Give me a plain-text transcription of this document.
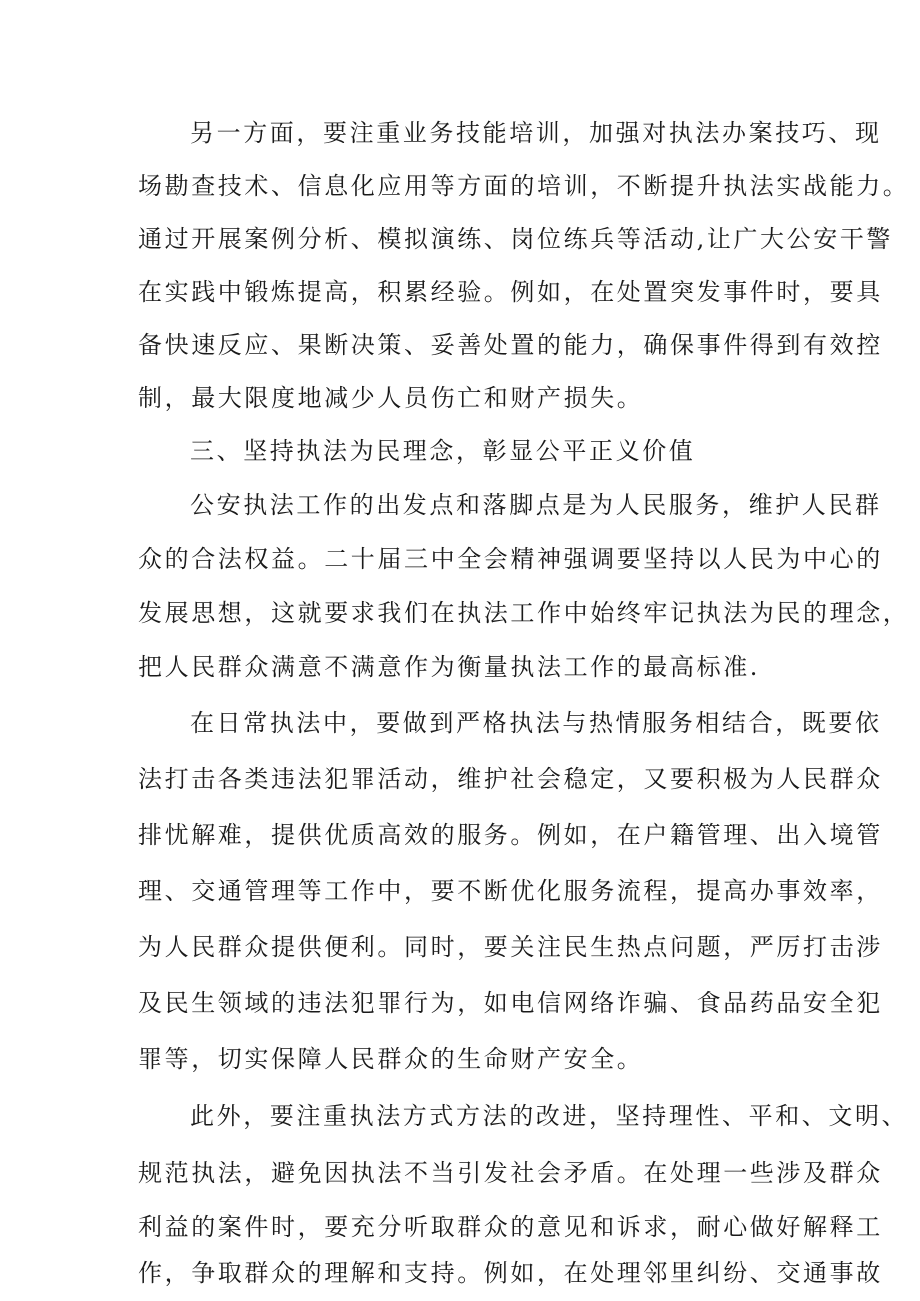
另一方面，要注重业务技能培训，加强对执法办案技巧、现

场勘查技术、信息化应用等方面的培训，不断提升执法实战能力。

通过开展案例分析、模拟演练、岗位练兵等活动,让广大公安干警

在实践中锻炼提高，积累经验。例如，在处置突发事件时，要具

备快速反应、果断决策、妥善处置的能力，确保事件得到有效控

制，最大限度地减少人员伤亡和财产损失。

三、坚持执法为民理念，彰显公平正义价值

公安执法工作的出发点和落脚点是为人民服务，维护人民群

众的合法权益。二十届三中全会精神强调要坚持以人民为中心的

发展思想，这就要求我们在执法工作中始终牢记执法为民的理念，

把人民群众满意不满意作为衡量执法工作的最高标准.

在日常执法中，要做到严格执法与热情服务相结合，既要依

法打击各类违法犯罪活动，维护社会稳定，又要积极为人民群众

排忧解难，提供优质高效的服务。例如，在户籍管理、出入境管

理、交通管理等工作中，要不断优化服务流程，提高办事效率，

为人民群众提供便利。同时，要关注民生热点问题，严厉打击涉

及民生领域的违法犯罪行为，如电信网络诈骗、食品药品安全犯

罪等，切实保障人民群众的生命财产安全。

此外，要注重执法方式方法的改进，坚持理性、平和、文明、

规范执法，避免因执法不当引发社会矛盾。在处理一些涉及群众

利益的案件时，要充分听取群众的意见和诉求，耐心做好解释工

作，争取群众的理解和支持。例如，在处理邻里纠纷、交通事故
